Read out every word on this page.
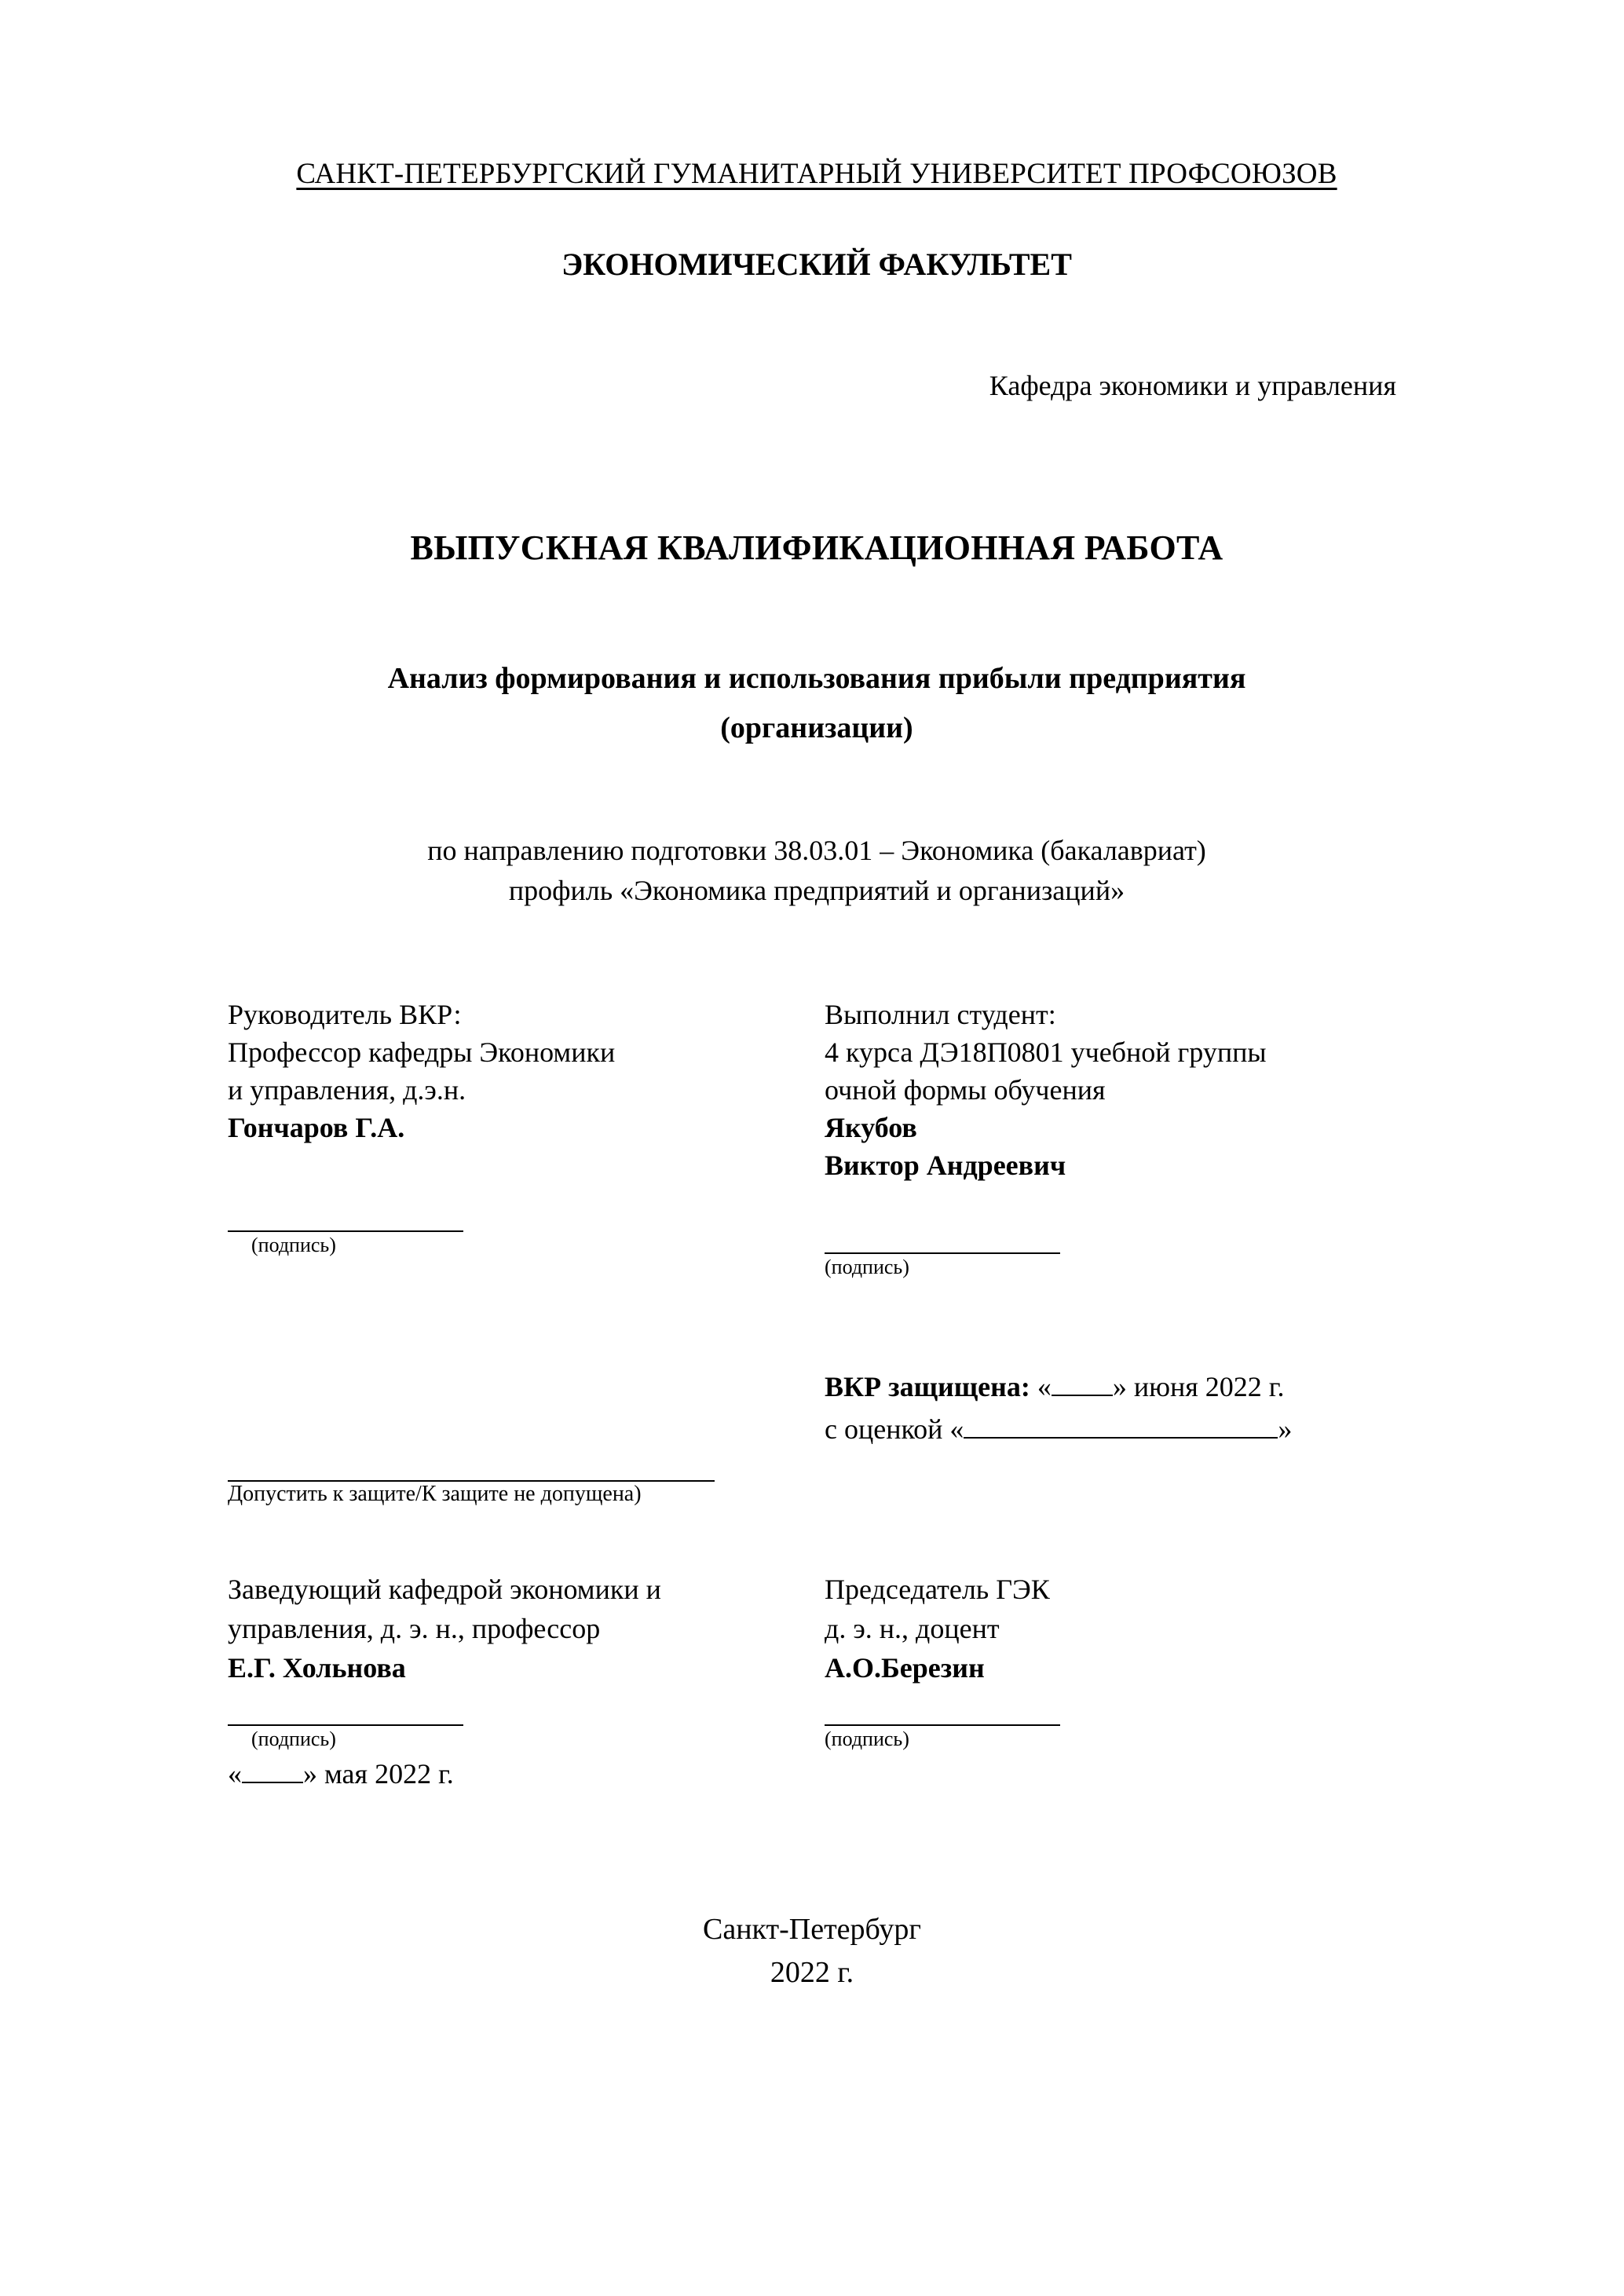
САНКТ-ПЕТЕРБУРГСКИЙ ГУМАНИТАРНЫЙ УНИВЕРСИТЕТ ПРОФСОЮЗОВ
ЭКОНОМИЧЕСКИЙ ФАКУЛЬТЕТ
Кафедра экономики и управления
ВЫПУСКНАЯ КВАЛИФИКАЦИОННАЯ РАБОТА
Анализ формирования и использования прибыли предприятия
(организации)
по направлению подготовки 38.03.01 – Экономика (бакалавриат)
профиль «Экономика предприятий и организаций»
Руководитель ВКР:
Профессор кафедры Экономики
и управления, д.э.н.
Гончаров Г.А.
(подпись)
Выполнил студент:
4 курса ДЭ18П0801 учебной группы
очной формы обучения
Якубов
Виктор Андреевич
(подпись)
Допустить к защите/К защите не допущена)
ВКР защищена: « » июня 2022 г.
с оценкой «	»
Заведующий кафедрой экономики и
управления, д. э. н., профессор
Е.Г. Хольнова
(подпись)
« » мая 2022 г.
Председатель ГЭК
д. э. н., доцент
А.О.Березин
(подпись)
Санкт-Петербург
2022 г.
